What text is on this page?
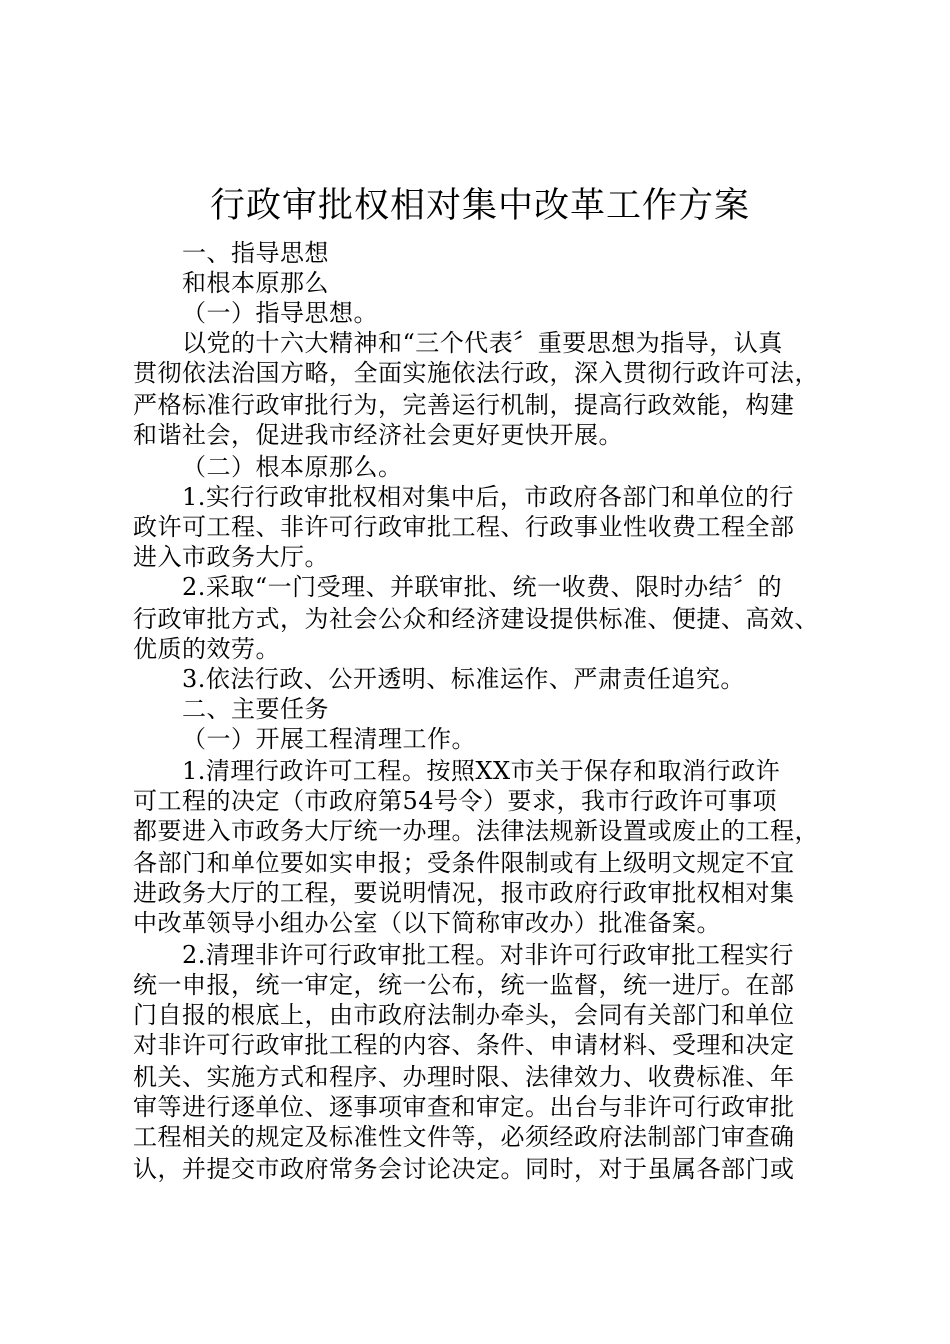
行政审批权相对集中改革工作方案

一、指导思想

和根本原那么

（一）指导思想。

以党的十六大精神和“三个代表〞重要思想为指导，认真

贯彻依法治国方略，全面实施依法行政，深入贯彻行政许可法，

严格标准行政审批行为，完善运行机制，提高行政效能，构建

和谐社会，促进我市经济社会更好更快开展。

（二）根本原那么。

1.实行行政审批权相对集中后，市政府各部门和单位的行

政许可工程、非许可行政审批工程、行政事业性收费工程全部

进入市政务大厅。

2.采取“一门受理、并联审批、统一收费、限时办结〞的

行政审批方式，为社会公众和经济建设提供标准、便捷、高效、

优质的效劳。

3.依法行政、公开透明、标准运作、严肃责任追究。

二、主要任务

（一）开展工程清理工作。

1.清理行政许可工程。按照XX市关于保存和取消行政许

可工程的决定（市政府第54号令）要求，我市行政许可事项

都要进入市政务大厅统一办理。法律法规新设置或废止的工程，

各部门和单位要如实申报；受条件限制或有上级明文规定不宜

进政务大厅的工程，要说明情况，报市政府行政审批权相对集

中改革领导小组办公室（以下简称审改办）批准备案。

2.清理非许可行政审批工程。对非许可行政审批工程实行

统一申报，统一审定，统一公布，统一监督，统一进厅。在部

门自报的根底上，由市政府法制办牵头，会同有关部门和单位

对非许可行政审批工程的内容、条件、申请材料、受理和决定

机关、实施方式和程序、办理时限、法律效力、收费标准、年

审等进行逐单位、逐事项审查和审定。出台与非许可行政审批

工程相关的规定及标准性文件等，必须经政府法制部门审查确

认，并提交市政府常务会讨论决定。同时，对于虽属各部门或
